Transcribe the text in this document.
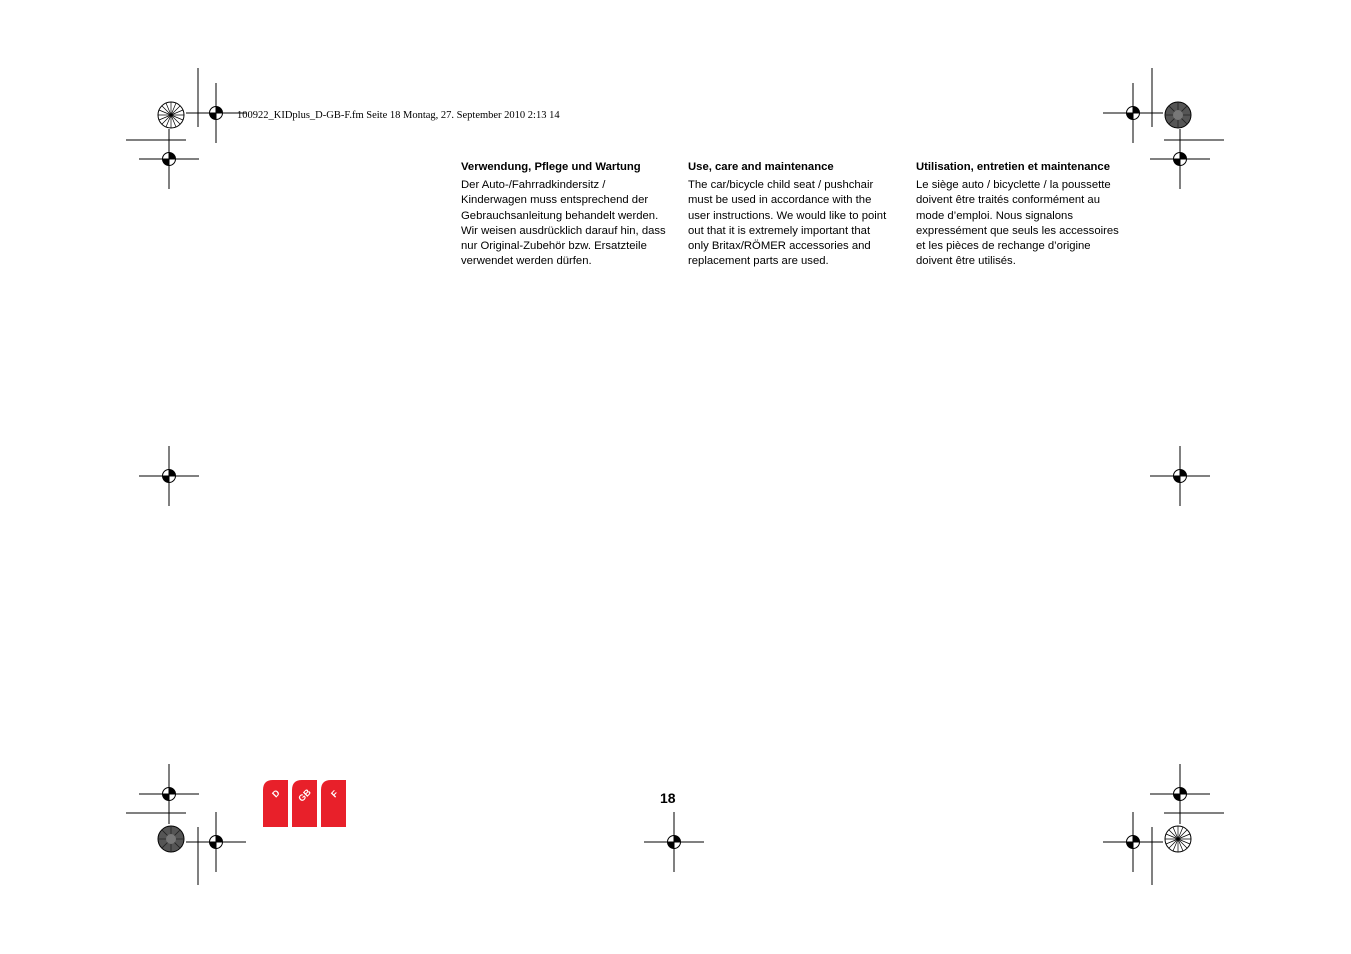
D GB F
100922_KIDplus_D-GB-F.fm Seite 18 Montag, 27. September 2010 2:13 14
Verwendung, Pflege und Wartung

Der Auto-/Fahrradkindersitz / Kinderwagen muss entsprechend der Gebrauchsanleitung behandelt werden. Wir weisen ausdrücklich darauf hin, dass nur Original-Zubehör bzw. Ersatzteile verwendet werden dürfen.

Use, care and maintenance

The car/bicycle child seat / pushchair must be used in accordance with the user instructions. We would like to point out that it is extremely important that only Britax/RÖMER accessories and replacement parts are used.

Utilisation, entretien et maintenance

Le siège auto / bicyclette / la poussette doivent être traités conformément au mode d’emploi. Nous signalons expressément que seuls les accessoires et les pièces de rechange d’origine doivent être utilisés.

18
